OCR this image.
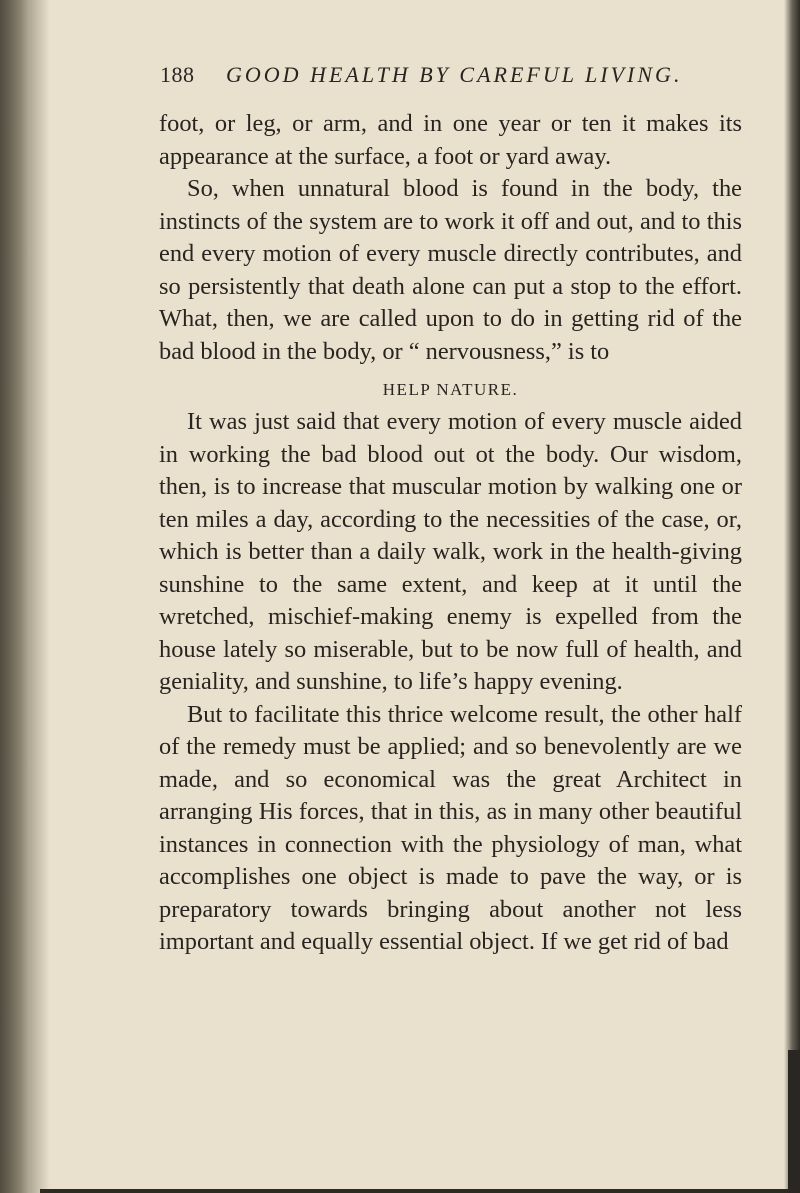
188 GOOD HEALTH BY CAREFUL LIVING.

foot, or leg, or arm, and in one year or ten it makes its appearance at the surface, a foot or yard away.

So, when unnatural blood is found in the body, the instincts of the system are to work it off and out, and to this end every motion of every muscle directly contributes, and so persistently that death alone can put a stop to the effort. What, then, we are called upon to do in getting rid of the bad blood in the body, or “ nervousness,” is to

HELP NATURE.

It was just said that every motion of every muscle aided in working the bad blood out ot the body. Our wisdom, then, is to increase that muscular motion by walking one or ten miles a day, according to the necessities of the case, or, which is better than a daily walk, work in the health-giving sunshine to the same extent, and keep at it until the wretched, mischief-making enemy is expelled from the house lately so miserable, but to be now full of health, and geniality, and sunshine, to life’s happy evening.

But to facilitate this thrice welcome result, the other half of the remedy must be applied; and so benevolently are we made, and so economical was the great Architect in arranging His forces, that in this, as in many other beautiful instances in connection with the physiology of man, what accomplishes one object is made to pave the way, or is preparatory towards bringing about another not less important and equally essential object. If we get rid of bad
